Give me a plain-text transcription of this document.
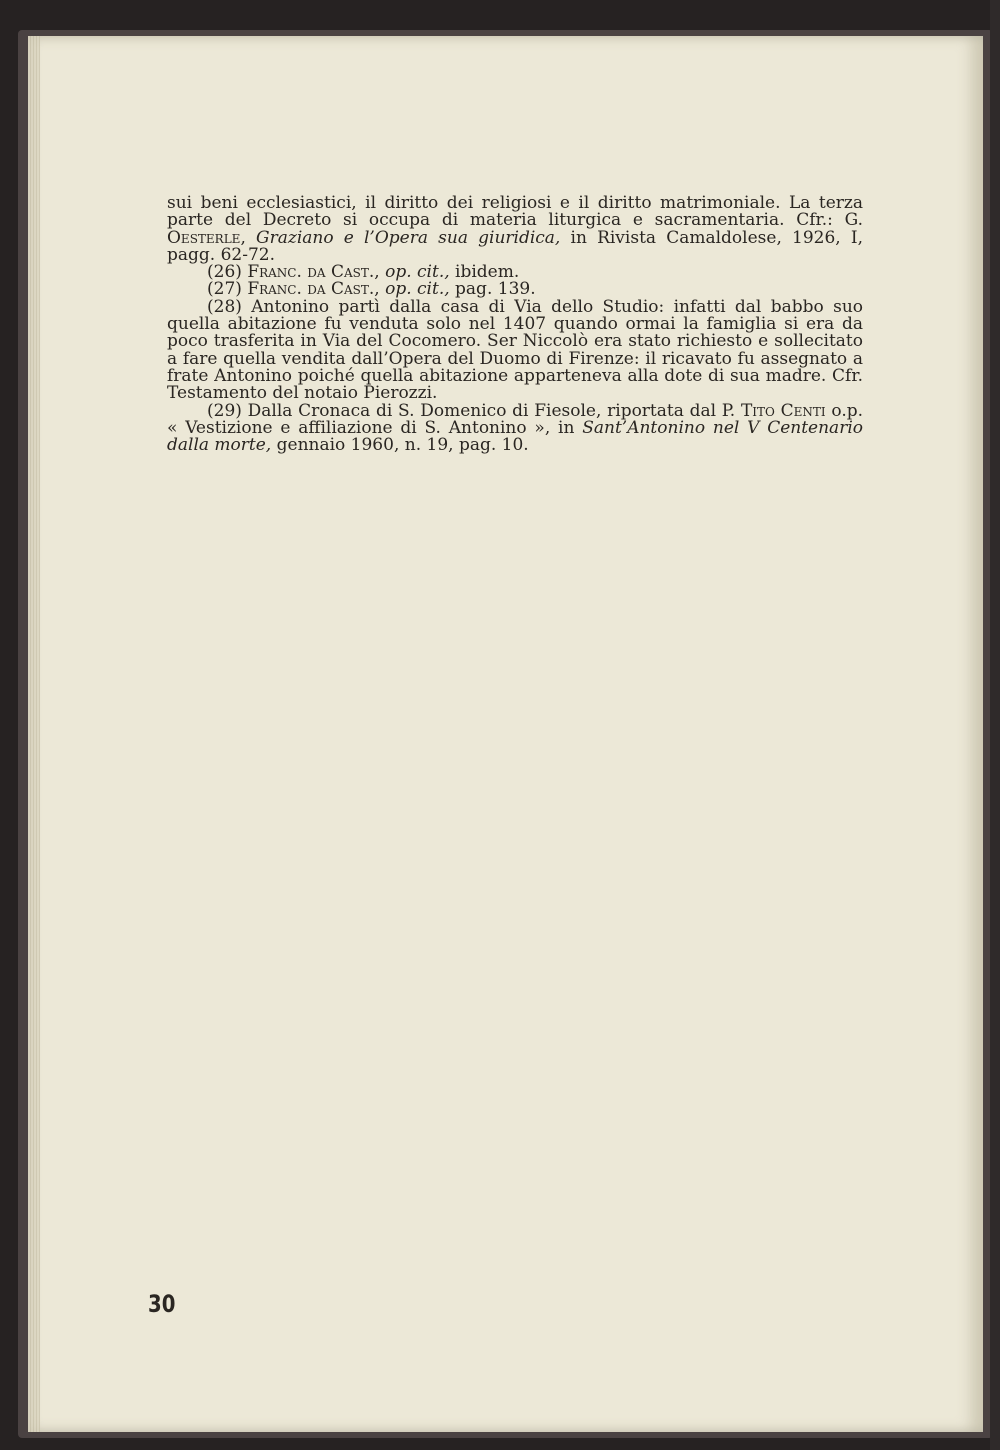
sui beni ecclesiastici, il diritto dei religiosi e il diritto matrimoniale. La terza parte del Decreto si occupa di materia liturgica e sacramentaria. Cfr.: G. Oesterle, Graziano e l’Opera sua giuridica, in Rivista Camaldolese, 1926, I, pagg. 62-72.

(26) Franc. da Cast., op. cit., ibidem.

(27) Franc. da Cast., op. cit., pag. 139.

(28) Antonino partì dalla casa di Via dello Studio: infatti dal babbo suo quella abitazione fu venduta solo nel 1407 quando ormai la famiglia si era da poco trasferita in Via del Cocomero. Ser Niccolò era stato richiesto e sollecitato a fare quella vendita dall’Opera del Duomo di Firenze: il ricavato fu assegnato a frate Antonino poiché quella abitazione apparteneva alla dote di sua madre. Cfr. Testamento del notaio Pierozzi.

(29) Dalla Cronaca di S. Domenico di Fiesole, riportata dal P. Tito Centi o.p. « Vestizione e affiliazione di S. Antonino », in Sant’Antonino nel V Centenario dalla morte, gennaio 1960, n. 19, pag. 10.

30
